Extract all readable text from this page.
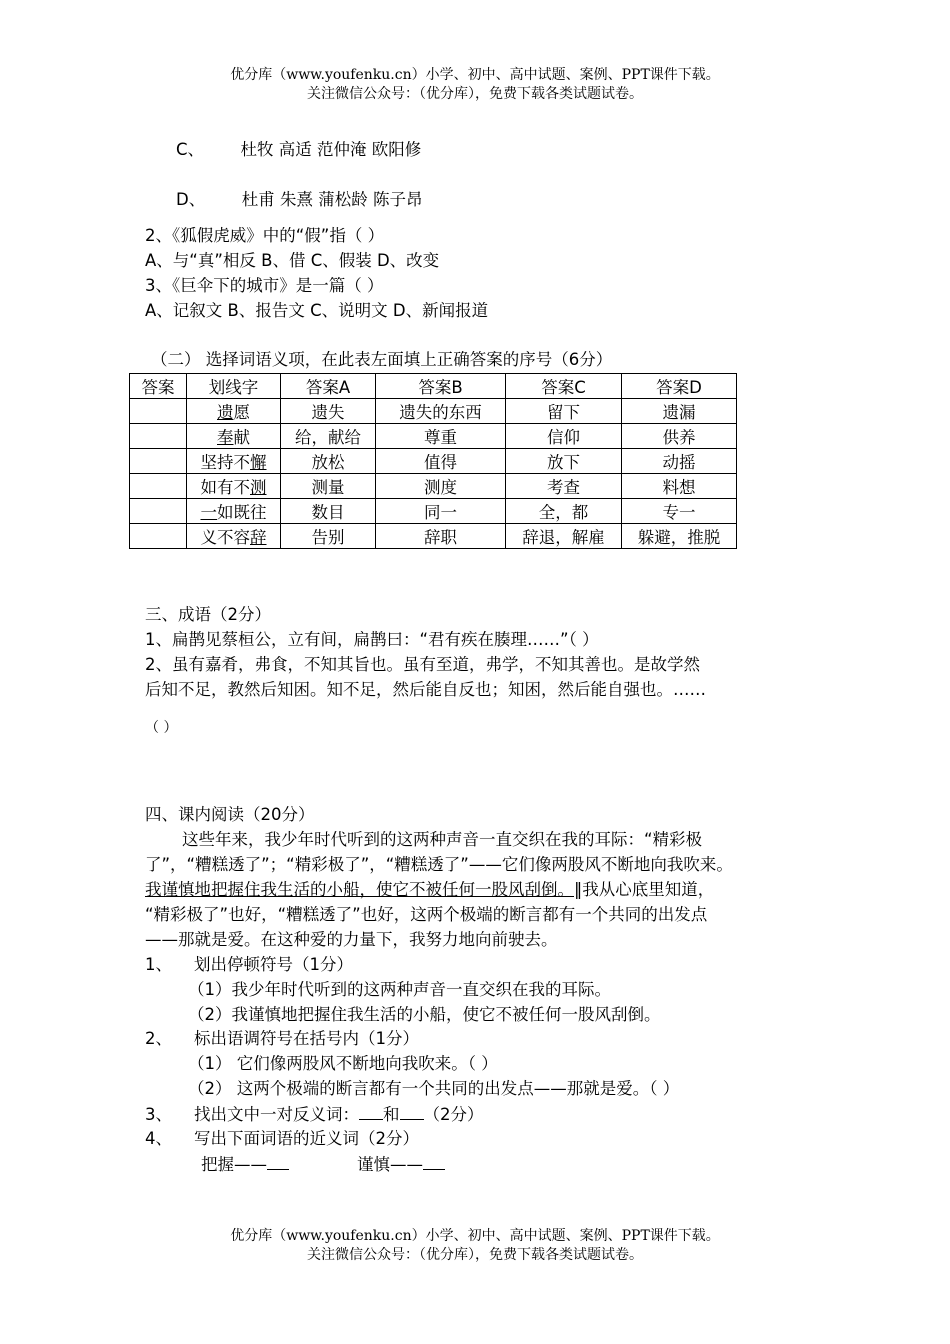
优分库（www.youfenku.cn）小学、初中、高中试题、案例、PPT课件下载。
关注微信公众号：（优分库），免费下载各类试题试卷。
C、 杜牧 高适 范仲淹 欧阳修
D、 杜甫 朱熹 蒲松龄 陈子昂
2、《狐假虎威》中的“假”指（ ）
A、与“真”相反 B、借 C、假装 D、改变
3、《巨伞下的城市》是一篇（ ）
A、记叙文 B、报告文 C、说明文 D、新闻报道
（二） 选择词语义项，在此表左面填上正确答案的序号（6分）
答案	划线字	答案A	答案B	答案C	答案D
	遗愿	遗失	遗失的东西	留下	遗漏
	奉献	给，献给	尊重	信仰	供养
	坚持不懈	放松	值得	放下	动摇
	如有不测	测量	测度	考查	料想
	一如既往	数目	同一	全，都	专一
	义不容辞	告别	辞职	辞退，解雇	躲避，推脱
三、成语（2分）
1、扁鹊见蔡桓公，立有间，扁鹊曰：“君有疾在腠理……”（ ）
2、虽有嘉肴，弗食，不知其旨也。虽有至道，弗学，不知其善也。是故学然
后知不足，教然后知困。知不足，然后能自反也；知困，然后能自强也。……
（ ）
四、课内阅读（20分）
这些年来，我少年时代听到的这两种声音一直交织在我的耳际：“精彩极
了”，“糟糕透了”；“精彩极了”，“糟糕透了”——它们像两股风不断地向我吹来。
我谨慎地把握住我生活的小船，使它不被任何一股风刮倒。‖我从心底里知道，
“精彩极了”也好，“糟糕透了”也好，这两个极端的断言都有一个共同的出发点
——那就是爱。在这种爱的力量下，我努力地向前驶去。
1、 划出停顿符号（1分）
（1）我少年时代听到的这两种声音一直交织在我的耳际。
（2）我谨慎地把握住我生活的小船，使它不被任何一股风刮倒。
2、 标出语调符号在括号内（1分）
（1） 它们像两股风不断地向我吹来。（ ）
（2） 这两个极端的断言都有一个共同的出发点——那就是爱。（ ）
3、 找出文中一对反义词： 和 （2分）
4、 写出下面词语的近义词（2分）
把握——	谨慎——
优分库（www.youfenku.cn）小学、初中、高中试题、案例、PPT课件下载。
关注微信公众号：（优分库），免费下载各类试题试卷。
